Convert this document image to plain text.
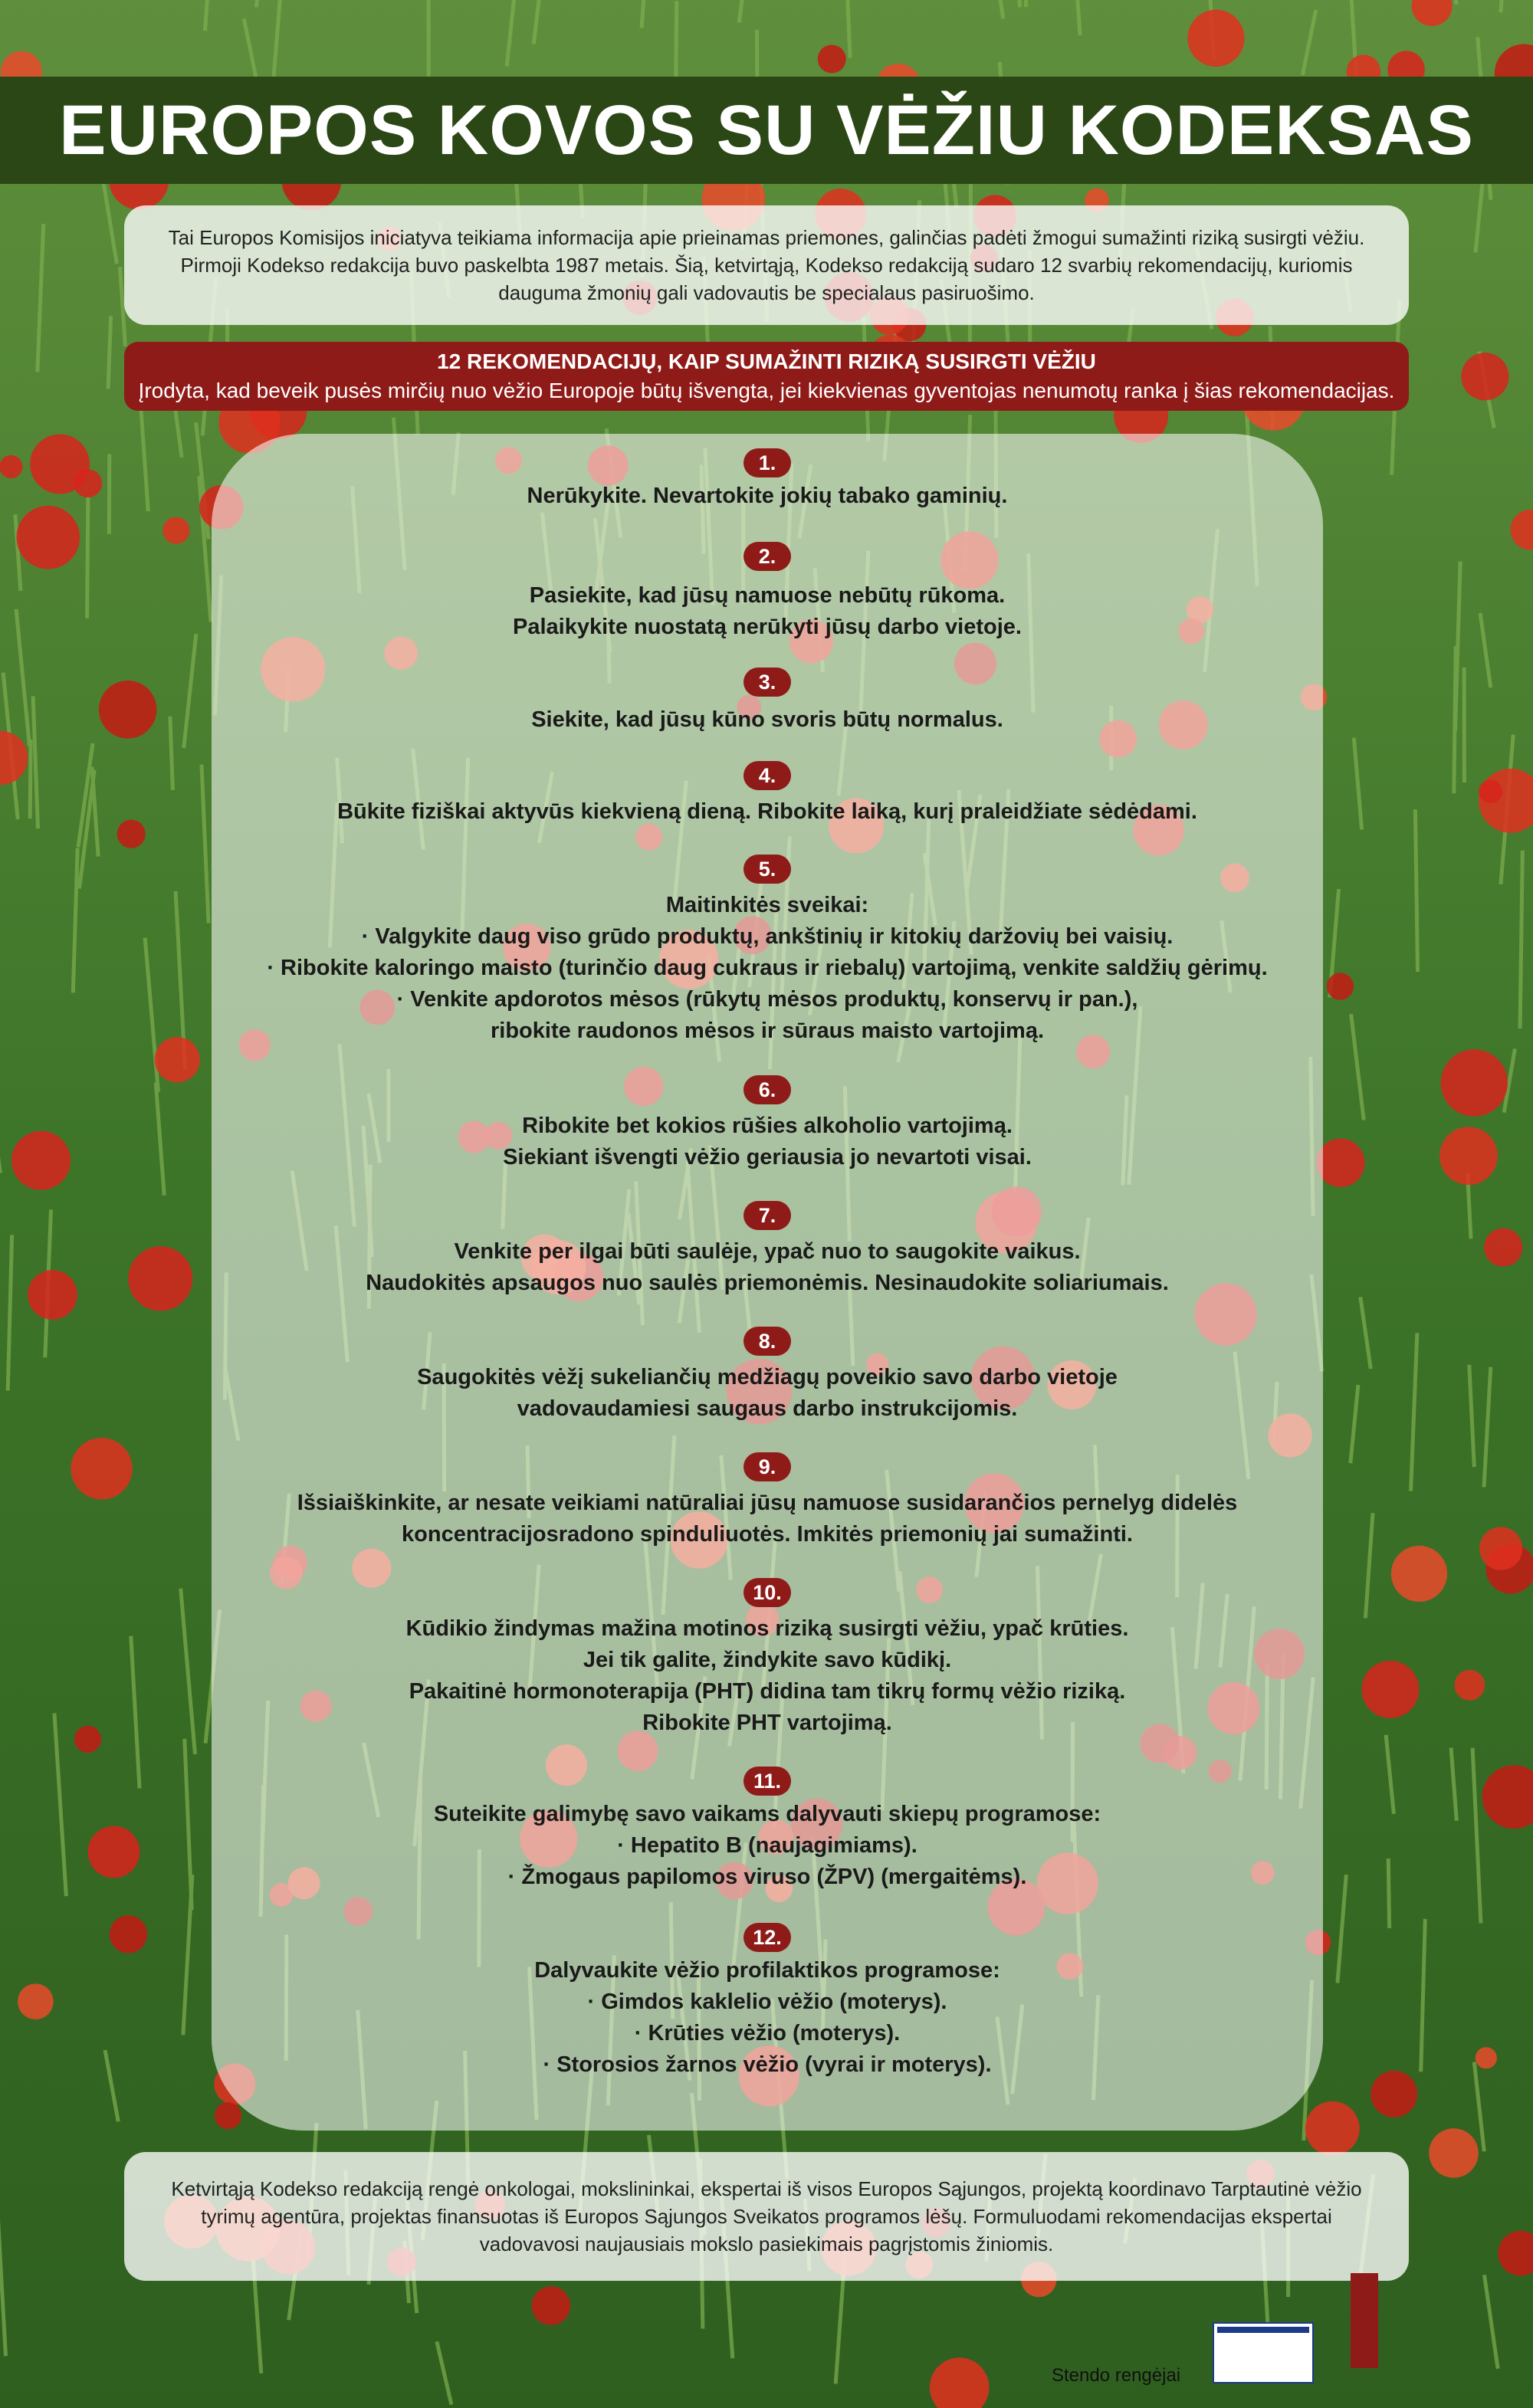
EUROPOS KOVOS SU VĖŽIU KODEKSAS
Tai Europos Komisijos iniciatyva teikiama informacija apie prieinamas priemones, galinčias padėti žmogui sumažinti riziką susirgti vėžiu.
Pirmoji Kodekso redakcija buvo paskelbta 1987 metais. Šią, ketvirtąją, Kodekso redakciją sudaro 12 svarbių rekomendacijų, kuriomis
dauguma žmonių gali vadovautis be specialaus pasiruošimo.
12 REKOMENDACIJŲ, KAIP SUMAŽINTI RIZIKĄ SUSIRGTI VĖŽIU
Įrodyta, kad beveik pusės mirčių nuo vėžio Europoje būtų išvengta, jei kiekvienas gyventojas nenumotų ranka į šias rekomendacijas.
1.
Nerūkykite. Nevartokite jokių tabako gaminių.
2.
Pasiekite, kad jūsų namuose nebūtų rūkoma.
Palaikykite nuostatą nerūkyti jūsų darbo vietoje.
3.
Siekite, kad jūsų kūno svoris būtų normalus.
4.
Būkite fiziškai aktyvūs kiekvieną dieną. Ribokite laiką, kurį praleidžiate sėdėdami.
5.
Maitinkitės sveikai:
· Valgykite daug viso grūdo produktų, ankštinių ir kitokių daržovių bei vaisių.
· Ribokite kaloringo maisto (turinčio daug cukraus ir riebalų) vartojimą, venkite saldžių gėrimų.
· Venkite apdorotos mėsos (rūkytų mėsos produktų, konservų ir pan.),
ribokite raudonos mėsos ir sūraus maisto vartojimą.
6.
Ribokite bet kokios rūšies alkoholio vartojimą.
Siekiant išvengti vėžio geriausia jo nevartoti visai.
7.
Venkite per ilgai būti saulėje, ypač nuo to saugokite vaikus.
Naudokitės apsaugos nuo saulės priemonėmis. Nesinaudokite soliariumais.
8.
Saugokitės vėžį sukeliančių medžiagų poveikio savo darbo vietoje
vadovaudamiesi saugaus darbo instrukcijomis.
9.
Išsiaiškinkite, ar nesate veikiami natūraliai jūsų namuose susidarančios pernelyg didelės
koncentracijosradono spinduliuotės. Imkitės priemonių jai sumažinti.
10.
Kūdikio žindymas mažina motinos riziką susirgti vėžiu, ypač krūties.
Jei tik galite, žindykite savo kūdikį.
Pakaitinė hormonoterapija (PHT) didina tam tikrų formų vėžio riziką.
Ribokite PHT vartojimą.
11.
Suteikite galimybę savo vaikams dalyvauti skiepų programose:
· Hepatito B (naujagimiams).
· Žmogaus papilomos viruso (ŽPV) (mergaitėms).
12.
Dalyvaukite vėžio profilaktikos programose:
· Gimdos kaklelio vėžio (moterys).
· Krūties vėžio (moterys).
· Storosios žarnos vėžio (vyrai ir moterys).
Ketvirtąją Kodekso redakciją rengė onkologai, mokslininkai, ekspertai iš visos Europos Sąjungos, projektą koordinavo Tarptautinė vėžio
tyrimų agentūra, projektas finansuotas iš Europos Sąjungos Sveikatos programos lėšų. Formuluodami rekomendacijas ekspertai
vadovavosi naujausiais mokslo pasiekimais pagrįstomis žiniomis.
Stendo rengėjai
